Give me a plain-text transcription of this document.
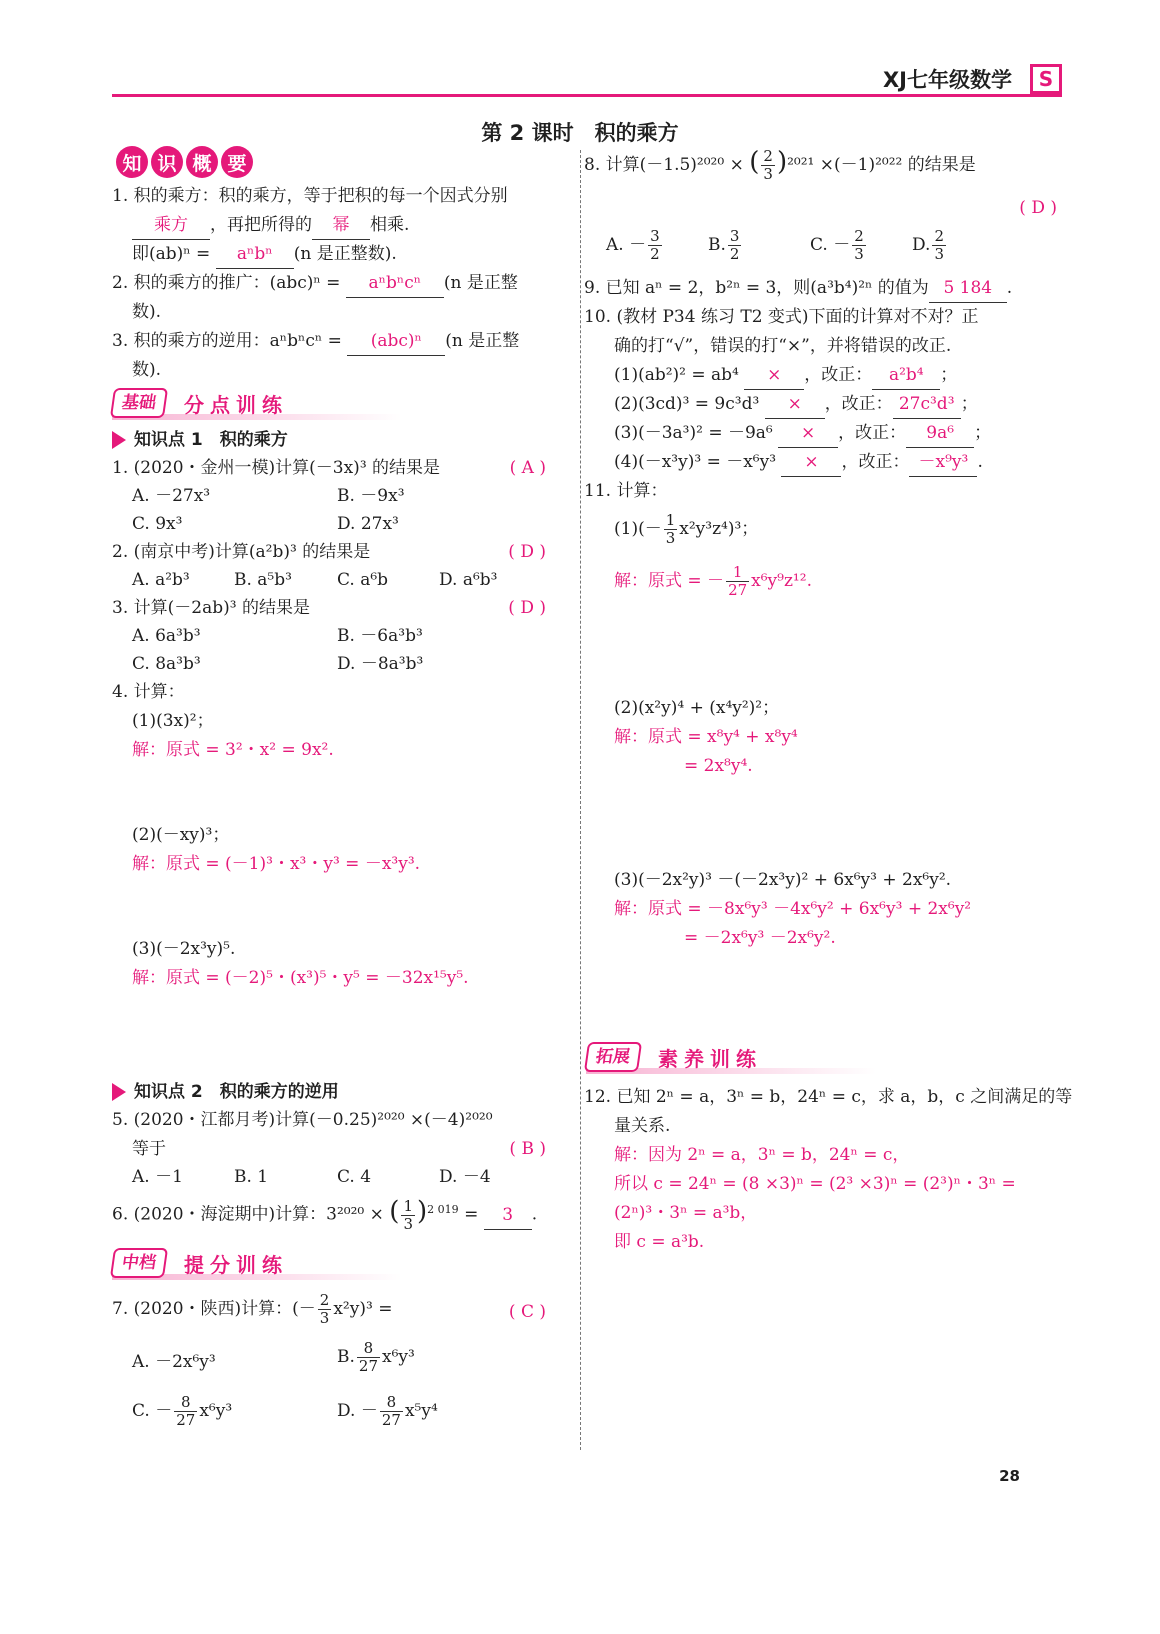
XJ七年级数学	S
第 2 课时　积的乘方
知 识 概 要
1. 积的乘方：积的乘方，等于把积的每一个因式分别
乘方 ，再把所得的 幂 相乘.
即(ab)ⁿ = aⁿbⁿ (n 是正整数).
2. 积的乘方的推广：(abc)ⁿ = aⁿbⁿcⁿ (n 是正整
数).
3. 积的乘方的逆用：aⁿbⁿcⁿ = (abc)ⁿ (n 是正整
数).
基础	分点训练
知识点 1　积的乘方
1. (2020・金州一模)计算(－3x)³ 的结果是	( A )
A. －27x³	B. －9x³
C. 9x³	D. 27x³
2. (南京中考)计算(a²b)³ 的结果是	( D )
A. a²b³	B. a⁵b³	C. a⁶b	D. a⁶b³
3. 计算(－2ab)³ 的结果是	( D )
A. 6a³b³	B. －6a³b³
C. 8a³b³	D. －8a³b³
4. 计算：
(1)(3x)²；
解：原式 = 3²・x² = 9x².
(2)(－xy)³；
解：原式 = (－1)³・x³・y³ = －x³y³.
(3)(－2x³y)⁵.
解：原式 = (－2)⁵・(x³)⁵・y⁵ = －32x¹⁵y⁵.
知识点 2　积的乘方的逆用
5. (2020・江都月考)计算(－0.25)²⁰²⁰ ×(－4)²⁰²⁰
等于	( B )
A. －1	B. 1	C. 4	D. －4
6. (2020・海淀期中)计算：3²⁰²⁰ × ( $\frac{1}{3} )^{2 019} = 3$ .
中档	提分训练
7. (2020・陕西)计算：(－ $\frac{2}{3} x^2y)^3$ =	( C )
A. －2x⁶y³	B. $\frac{8}{27} x^6y^3$
C. － $\frac{8}{27} x^6y^3$	D. － $\frac{8}{27} x^5y^4$
8. 计算(－1.5)²⁰²⁰ × ( $\frac{2}{3} )^{2021} \times(-1)^{2022}$ 的结果是
( D )
A. － $\frac{3}{2}$	B. $\frac{3}{2}$	C. － $\frac{2}{3}$	D. $\frac{2}{3}$
9. 已知 aⁿ = 2，b²ⁿ = 3，则(a³b⁴)²ⁿ 的值为 5 184 .
10. (教材 P34 练习 T2 变式)下面的计算对不对？正
确的打“√”，错误的打“×”，并将错误的改正.
(1)(ab²)² = ab⁴ × ，改正： a²b⁴ ；
(2)(3cd)³ = 9c³d³ × ，改正： 27c³d³ ；
(3)(－3a³)² = －9a⁶ × ，改正： 9a⁶ ；
(4)(－x³y)³ = －x⁶y³ × ，改正： －x⁹y³ .
11. 计算：
$(1)(- \frac{1}{3} x^2y^3z^4)^3$；
解：原式 = － $\frac{1}{27} x^6y^9z^{12}$.
(2)(x²y)⁴ + (x⁴y²)²；
解：原式 = x⁸y⁴ + x⁸y⁴
= 2x⁸y⁴.
(3)(－2x²y)³ －(－2x³y)² + 6x⁶y³ + 2x⁶y².
解：原式 = －8x⁶y³ －4x⁶y² + 6x⁶y³ + 2x⁶y²
= －2x⁶y³ －2x⁶y².
拓展	素养训练
12. 已知 2ⁿ = a，3ⁿ = b，24ⁿ = c，求 a，b，c 之间满足的等
量关系.
解：因为 2ⁿ = a，3ⁿ = b，24ⁿ = c，
所以 c = 24ⁿ = (8 ×3)ⁿ = (2³ ×3)ⁿ = (2³)ⁿ・3ⁿ =
(2ⁿ)³・3ⁿ = a³b，
即 c = a³b.
28
